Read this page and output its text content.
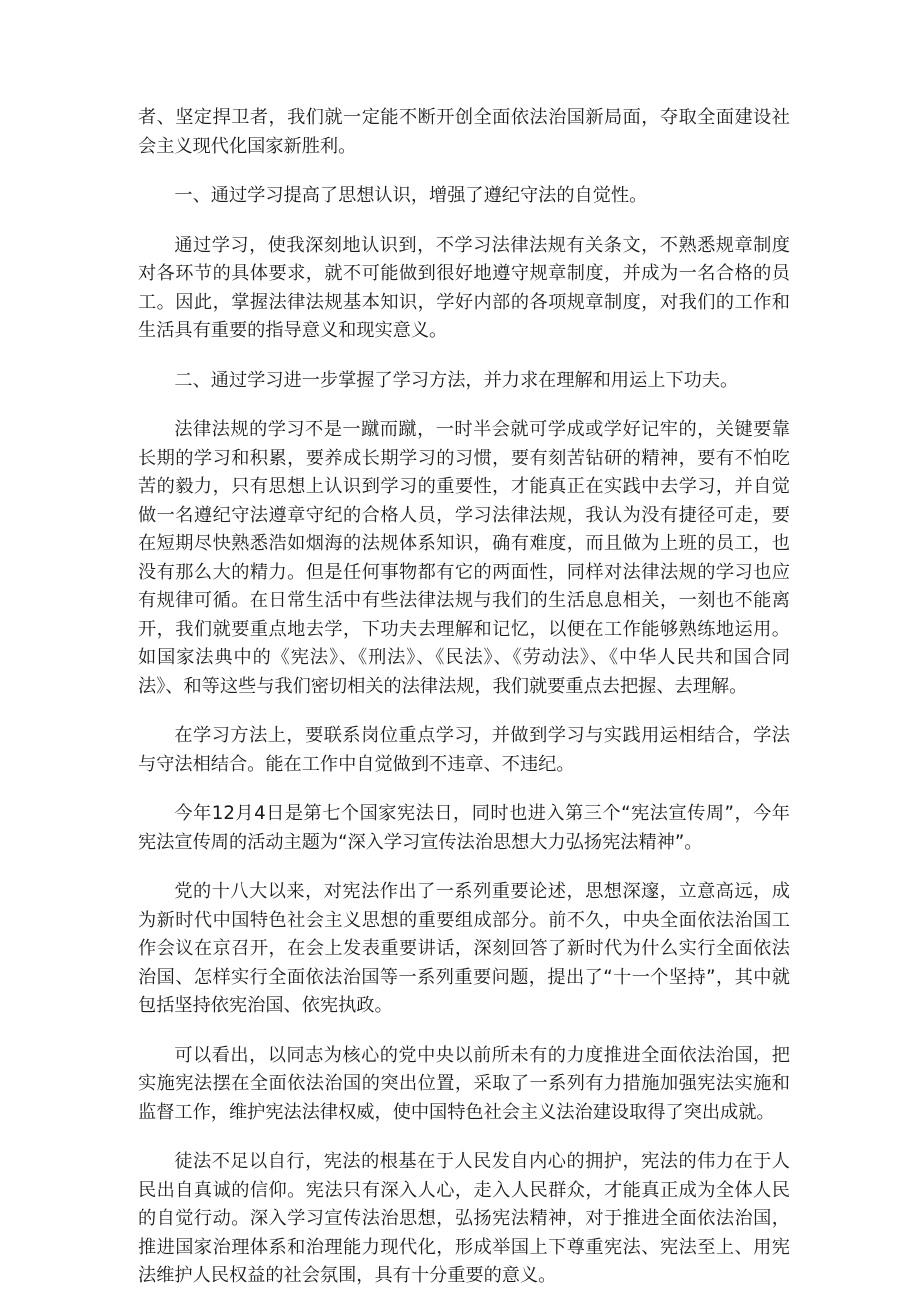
者、坚定捍卫者，我们就一定能不断开创全面依法治国新局面，夺取全面建设社会主义现代化国家新胜利。

一、通过学习提高了思想认识，增强了遵纪守法的自觉性。

通过学习，使我深刻地认识到，不学习法律法规有关条文，不熟悉规章制度对各环节的具体要求，就不可能做到很好地遵守规章制度，并成为一名合格的员工。因此，掌握法律法规基本知识，学好内部的各项规章制度，对我们的工作和生活具有重要的指导意义和现实意义。

二、通过学习进一步掌握了学习方法，并力求在理解和用运上下功夫。

法律法规的学习不是一蹴而蹴，一时半会就可学成或学好记牢的，关键要靠长期的学习和积累，要养成长期学习的习惯，要有刻苦钻研的精神，要有不怕吃苦的毅力，只有思想上认识到学习的重要性，才能真正在实践中去学习，并自觉做一名遵纪守法遵章守纪的合格人员，学习法律法规，我认为没有捷径可走，要在短期尽快熟悉浩如烟海的法规体系知识，确有难度，而且做为上班的员工，也没有那么大的精力。但是任何事物都有它的两面性，同样对法律法规的学习也应有规律可循。在日常生活中有些法律法规与我们的生活息息相关，一刻也不能离开，我们就要重点地去学，下功夫去理解和记忆，以便在工作能够熟练地运用。如国家法典中的《宪法》、《刑法》、《民法》、《劳动法》、《中华人民共和国合同法》、和等这些与我们密切相关的法律法规，我们就要重点去把握、去理解。

在学习方法上，要联系岗位重点学习，并做到学习与实践用运相结合，学法与守法相结合。能在工作中自觉做到不违章、不违纪。

今年12月4日是第七个国家宪法日，同时也进入第三个“宪法宣传周”，今年宪法宣传周的活动主题为“深入学习宣传法治思想大力弘扬宪法精神”。

党的十八大以来，对宪法作出了一系列重要论述，思想深邃，立意高远，成为新时代中国特色社会主义思想的重要组成部分。前不久，中央全面依法治国工作会议在京召开，在会上发表重要讲话，深刻回答了新时代为什么实行全面依法治国、怎样实行全面依法治国等一系列重要问题，提出了“十一个坚持”，其中就包括坚持依宪治国、依宪执政。

可以看出，以同志为核心的党中央以前所未有的力度推进全面依法治国，把实施宪法摆在全面依法治国的突出位置，采取了一系列有力措施加强宪法实施和监督工作，维护宪法法律权威，使中国特色社会主义法治建设取得了突出成就。

徒法不足以自行，宪法的根基在于人民发自内心的拥护，宪法的伟力在于人民出自真诚的信仰。宪法只有深入人心，走入人民群众，才能真正成为全体人民的自觉行动。深入学习宣传法治思想，弘扬宪法精神，对于推进全面依法治国，推进国家治理体系和治理能力现代化，形成举国上下尊重宪法、宪法至上、用宪法维护人民权益的社会氛围，具有十分重要的意义。
